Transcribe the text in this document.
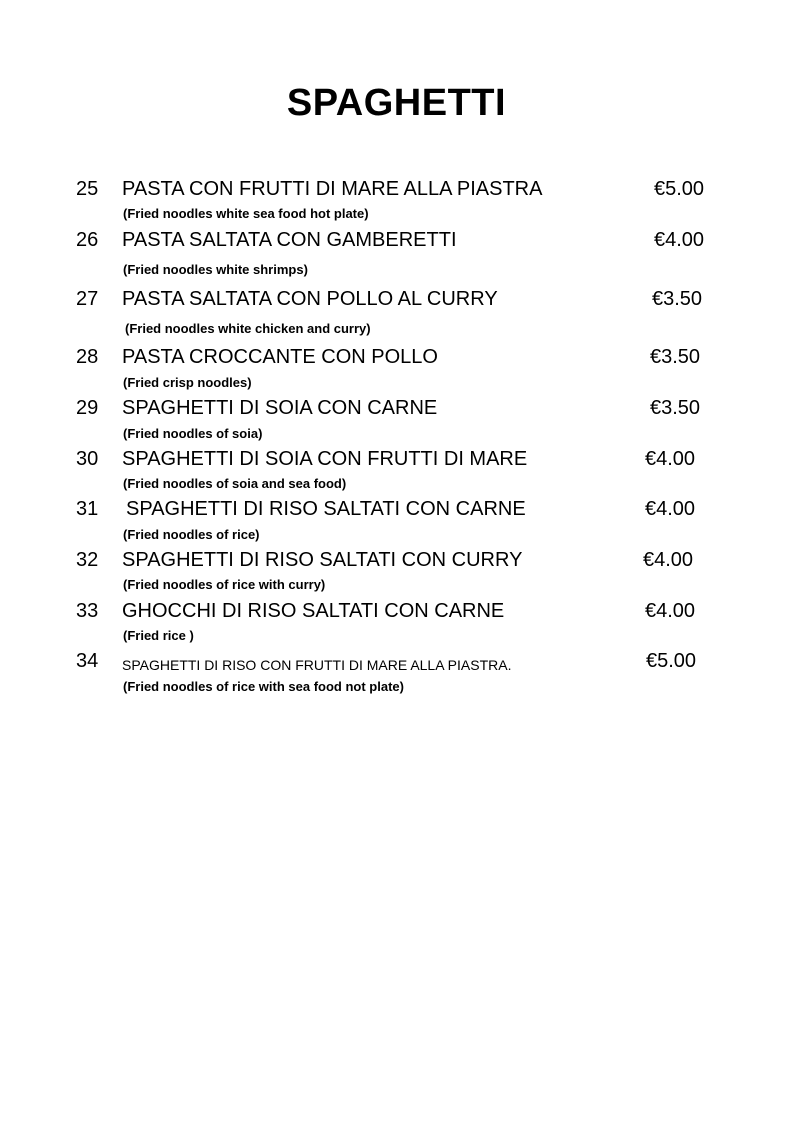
SPAGHETTI
25 PASTA CON FRUTTI DI MARE ALLA PIASTRA	€5.00
(Fried noodles white sea food hot plate)
26 PASTA SALTATA CON GAMBERETTI	€4.00
(Fried noodles white shrimps)
27 PASTA SALTATA CON POLLO AL CURRY	€3.50
(Fried noodles white chicken and curry)
28 PASTA CROCCANTE CON POLLO	€3.50
(Fried crisp noodles)
29 SPAGHETTI DI SOIA CON CARNE	€3.50
(Fried noodles of soia)
30 SPAGHETTI DI SOIA CON FRUTTI DI MARE	€4.00
(Fried noodles of soia and sea food)
31 SPAGHETTI DI RISO SALTATI CON CARNE	€4.00
(Fried noodles of rice)
32 SPAGHETTI DI RISO SALTATI CON CURRY	€4.00
(Fried noodles of rice with curry)
33 GHOCCHI DI RISO SALTATI CON CARNE	€4.00
(Fried rice )
34 SPAGHETTI DI RISO CON FRUTTI DI MARE ALLA PIASTRA.	€5.00
(Fried noodles of rice with sea food not plate)
